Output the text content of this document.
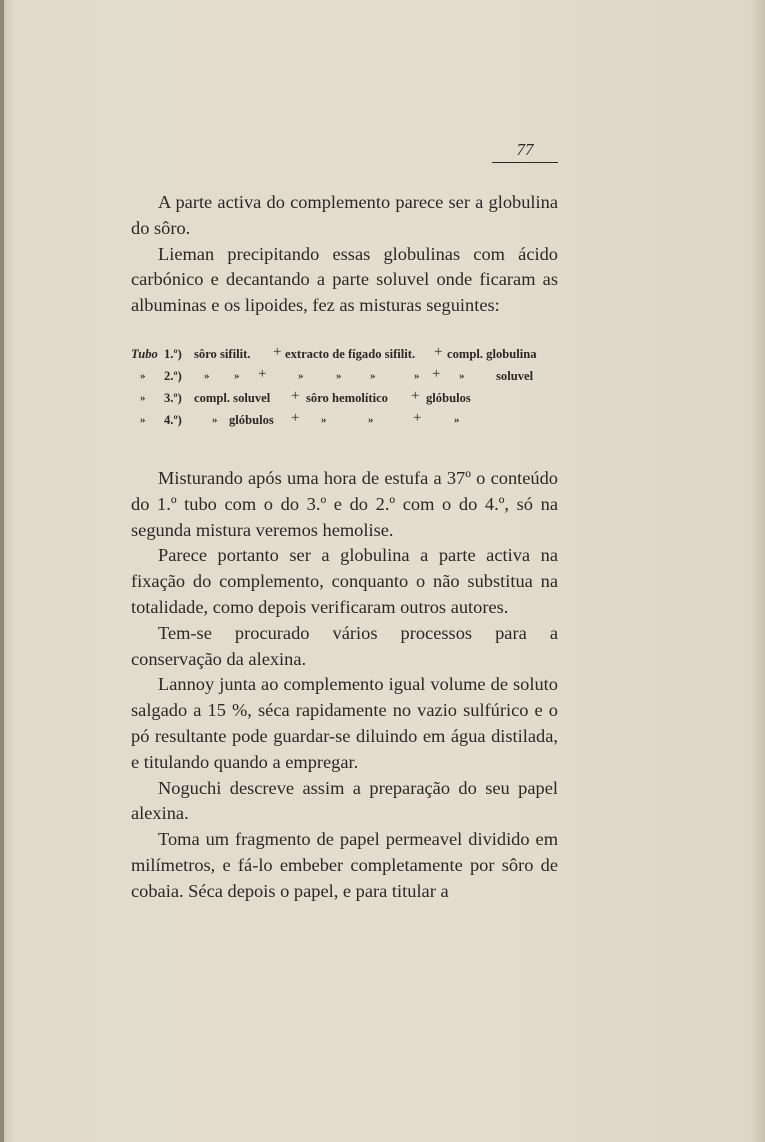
77

A parte activa do complemento parece ser a globulina do sôro.

Lieman precipitando essas globulinas com ácido carbónico e decantando a parte soluvel onde ficaram as albuminas e os lipoides, fez as misturas seguintes:

Tubo 1.º) sôro sifilit. + extracto de fígado sifilit. + compl. globulina
» 2.º) » » +	»	»	»	» + »	soluvel
» 3.º) compl. soluvel + sôro hemolítico + glóbulos
» 4.º)	» glóbulos + »	»	+	»

Misturando após uma hora de estufa a 37º o conteúdo do 1.º tubo com o do 3.º e do 2.º com o do 4.º, só na segunda mistura veremos hemolise.

Parece portanto ser a globulina a parte activa na fixação do complemento, conquanto o não substitua na totalidade, como depois verificaram outros autores.

Tem-se procurado vários processos para a conservação da alexina.

Lannoy junta ao complemento igual volume de soluto salgado a 15 %, séca rapidamente no vazio sulfúrico e o pó resultante pode guardar-se diluindo em água distilada, e titulando quando a empregar.

Noguchi descreve assim a preparação do seu papel alexina.

Toma um fragmento de papel permeavel dividido em milímetros, e fá-lo embeber completamente por sôro de cobaia. Séca depois o papel, e para titular a
